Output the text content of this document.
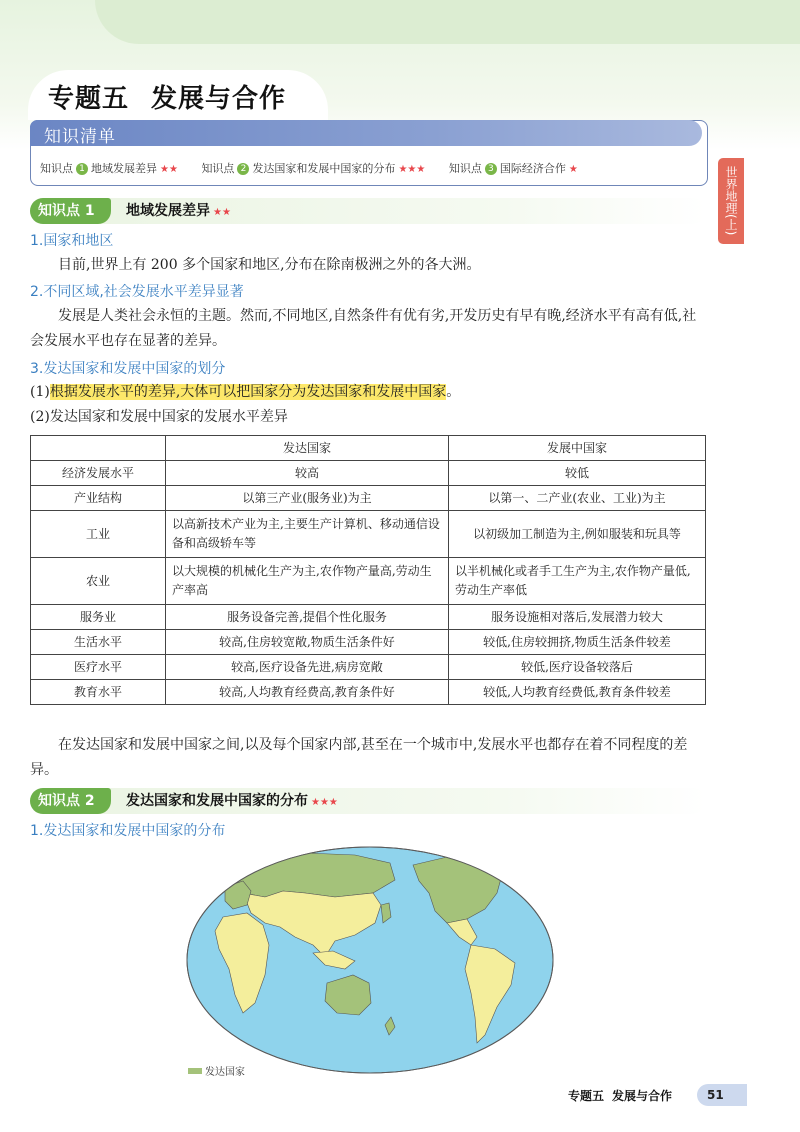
专题五 发展与合作
知识清单
知识点 1 地域发展差异 ★★ 知识点 2 发达国家和发展中国家的分布 ★★★ 知识点 3 国际经济合作 ★	世界地理(上)
知识点 1	地域发展差异 ★★
1.国家和地区
目前,世界上有 200 多个国家和地区,分布在除南极洲之外的各大洲。
2.不同区域,社会发展水平差异显著
发展是人类社会永恒的主题。然而,不同地区,自然条件有优有劣,开发历史有早有晚,经济水平有高有低,社会发展水平也存在显著的差异。
3.发达国家和发展中国家的划分
(1)根据发展水平的差异,大体可以把国家分为发达国家和发展中国家。
(2)发达国家和发展中国家的发展水平差异
	发达国家	发展中国家
经济发展水平	较高	较低
产业结构	以第三产业(服务业)为主	以第一、二产业(农业、工业)为主
工业	以高新技术产业为主,主要生产计算机、移动通信设备和高级轿车等	以初级加工制造为主,例如服装和玩具等
农业	以大规模的机械化生产为主,农作物产量高,劳动生产率高	以半机械化或者手工生产为主,农作物产量低,劳动生产率低
服务业	服务设备完善,提倡个性化服务	服务设施相对落后,发展潜力较大
生活水平	较高,住房较宽敞,物质生活条件好	较低,住房较拥挤,物质生活条件较差
医疗水平	较高,医疗设备先进,病房宽敞	较低,医疗设备较落后
教育水平	较高,人均教育经费高,教育条件好	较低,人均教育经费低,教育条件较差
在发达国家和发展中国家之间,以及每个国家内部,甚至在一个城市中,发展水平也都存在着不同程度的差异。
知识点 2	发达国家和发展中国家的分布 ★★★
1.发达国家和发展中国家的分布
发达国家
专题五 发展与合作	51
